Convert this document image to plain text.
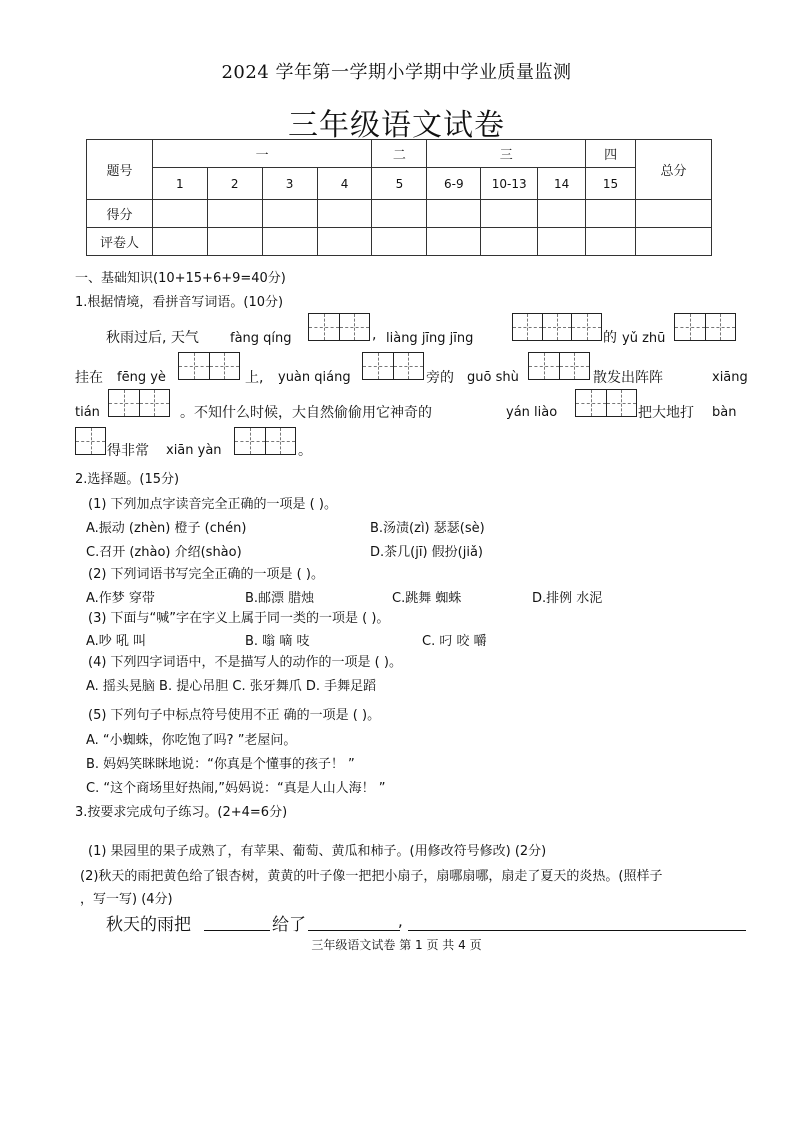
2024 学年第一学期小学期中学业质量监测
三年级语文试卷
题号	一				二	三			四	总分
	1	2	3	4	5	6-9	10-13	14	15	
得分										
评卷人										
一、基础知识(10+15+6+9=40分)
1.根据情境，看拼音写词语。(10分)
秋雨过后, 天气 fàng qíng	, liàng jīng jīng	的 yǔ zhū
挂在 fēng yè	上, yuàn qiáng	旁的 guō shù	散发出阵阵	xiāng
tián	。不知什么时候，大自然偷偷用它神奇的	yán liào	把大地打 bàn
得非常 xiān yàn	。
2.选择题。(15分)
(1) 下列加点字读音完全正确的一项是 ( )。
A.振动 (zhèn) 橙子 (chén)	B.汤渍(zì) 瑟瑟(sè)
C.召开 (zhào) 介绍(shào)	D.茶几(jī) 假扮(jiǎ)
(2) 下列词语书写完全正确的一项是 ( )。
A.作梦 穿带	B.邮漂 腊烛	C.跳舞 蜘蛛	D.排例 水泥
(3) 下面与“喊”字在字义上属于同一类的一项是 ( )。
A.吵 吼 叫	B. 嗡 嘀 吱	C. 叼 咬 嚼
(4) 下列四字词语中，不是描写人的动作的一项是 ( )。
A. 摇头晃脑 B. 提心吊胆 C. 张牙舞爪 D. 手舞足蹈
(5) 下列句子中标点符号使用不正 确的一项是 ( )。
A. “小蜘蛛，你吃饱了吗? ”老屋问。
B. 妈妈笑眯眯地说：“你真是个懂事的孩子！ ”
C. “这个商场里好热闹,”妈妈说：“真是人山人海！ ”
3.按要求完成句子练习。(2+4=6分)
(1) 果园里的果子成熟了，有苹果、葡萄、黄瓜和柿子。(用修改符号修改) (2分)
(2)秋天的雨把黄色给了银杏树，黄黄的叶子像一把把小扇子，扇哪扇哪，扇走了夏天的炎热。(照样子
，写一写) (4分)
秋天的雨把	给了	,
三年级语文试卷 第 1 页 共 4 页
